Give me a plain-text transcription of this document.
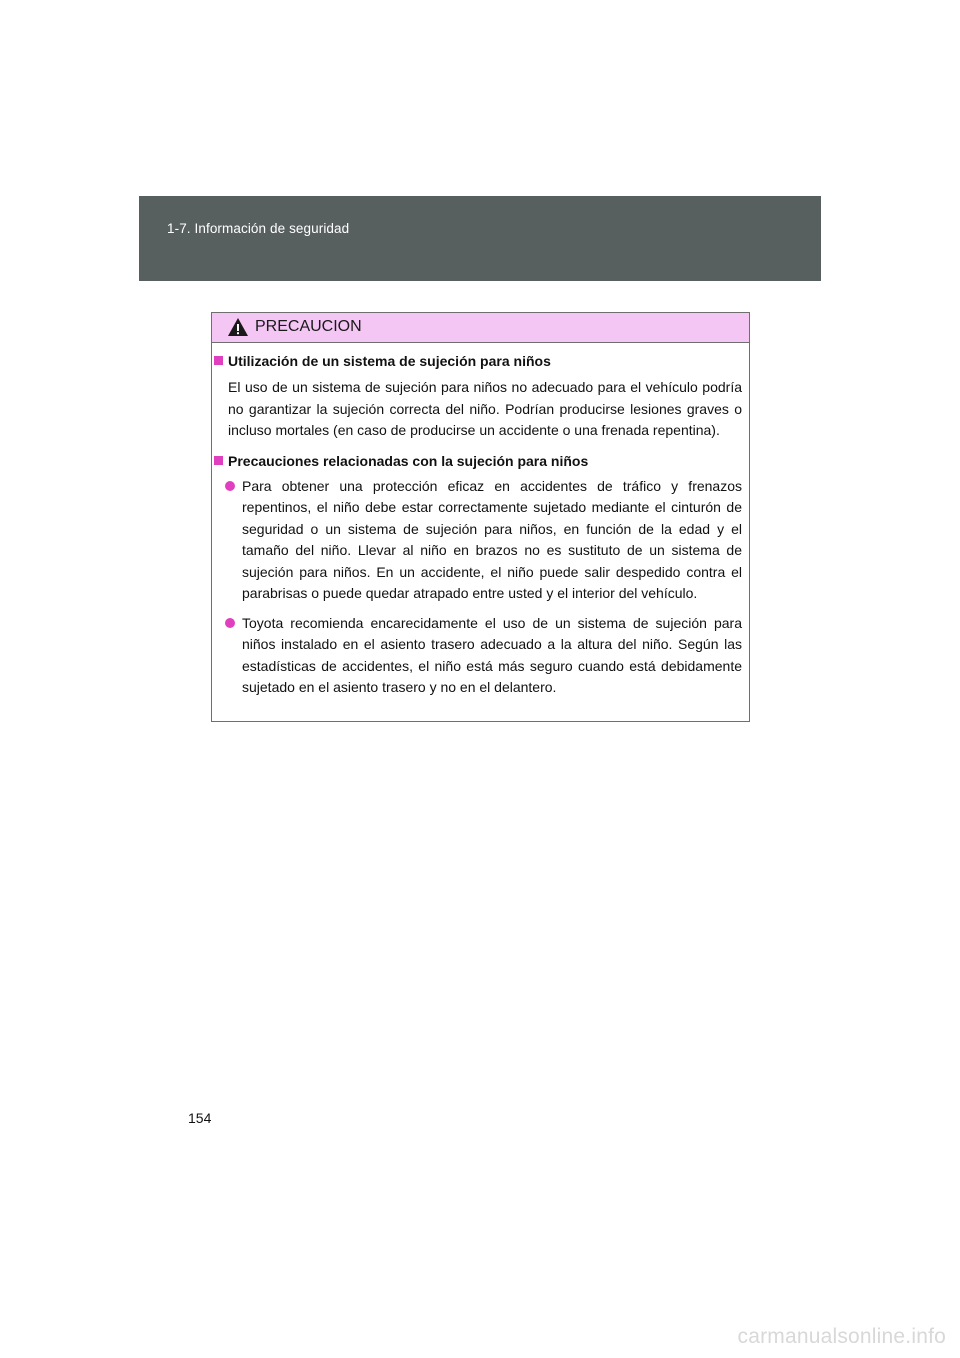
1-7. Información de seguridad
PRECAUCION
Utilización de un sistema de sujeción para niños

El uso de un sistema de sujeción para niños no adecuado para el vehículo podría no garantizar la sujeción correcta del niño. Podrían producirse lesiones graves o incluso mortales (en caso de producirse un accidente o una frenada repentina).

Precauciones relacionadas con la sujeción para niños
Para obtener una protección eficaz en accidentes de tráfico y frenazos repentinos, el niño debe estar correctamente sujetado mediante el cinturón de seguridad o un sistema de sujeción para niños, en función de la edad y el tamaño del niño. Llevar al niño en brazos no es sustituto de un sistema de sujeción para niños. En un accidente, el niño puede salir despedido contra el parabrisas o puede quedar atrapado entre usted y el interior del vehículo.
Toyota recomienda encarecidamente el uso de un sistema de sujeción para niños instalado en el asiento trasero adecuado a la altura del niño. Según las estadísticas de accidentes, el niño está más seguro cuando está debidamente sujetado en el asiento trasero y no en el delantero.
154
carmanualsonline.info
